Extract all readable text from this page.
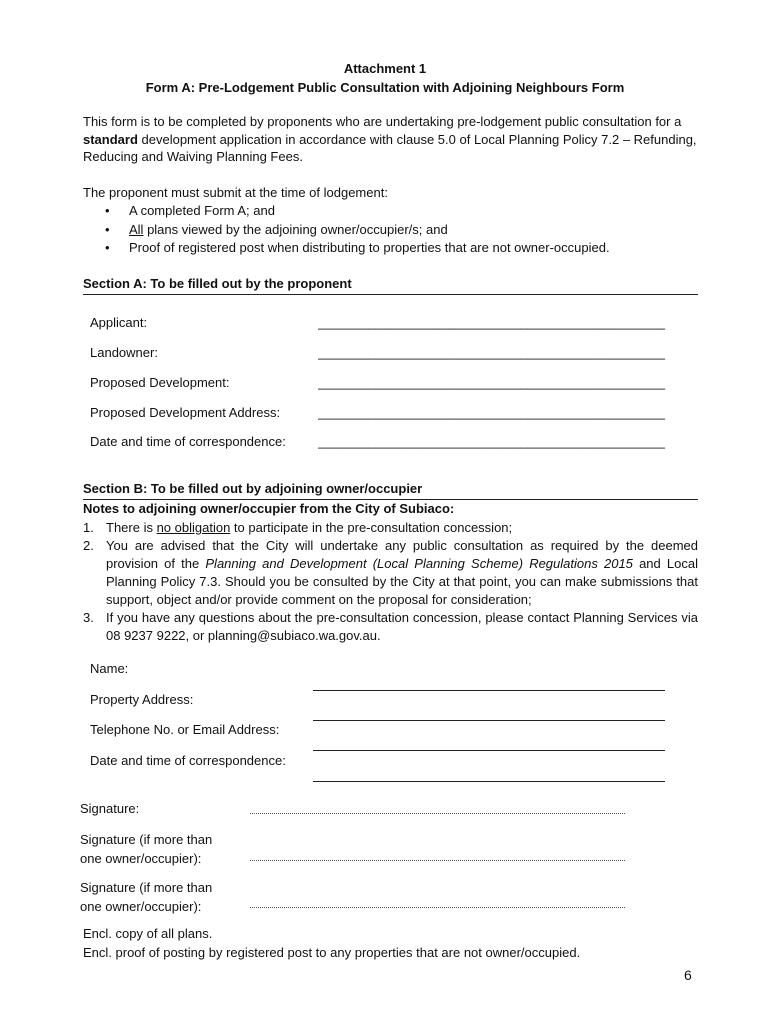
Attachment 1
Form A: Pre-Lodgement Public Consultation with Adjoining Neighbours Form
This form is to be completed by proponents who are undertaking pre-lodgement public consultation for a standard development application in accordance with clause 5.0 of Local Planning Policy 7.2 – Refunding, Reducing and Waiving Planning Fees.
The proponent must submit at the time of lodgement:
• A completed Form A; and
• All plans viewed by the adjoining owner/occupier/s; and
• Proof of registered post when distributing to properties that are not owner-occupied.
Section A: To be filled out by the proponent
Applicant:	________________________________________________
Landowner:	________________________________________________
Proposed Development:	________________________________________________
Proposed Development Address:	________________________________________________
Date and time of correspondence: ________________________________________________
Section B: To be filled out by adjoining owner/occupier
Notes to adjoining owner/occupier from the City of Subiaco:
1. There is no obligation to participate in the pre-consultation concession;
2. You are advised that the City will undertake any public consultation as required by the deemed provision of the Planning and Development (Local Planning Scheme) Regulations 2015 and Local Planning Policy 7.3. Should you be consulted by the City at that point, you can make submissions that support, object and/or provide comment on the proposal for consideration;
3. If you have any questions about the pre-consultation concession, please contact Planning Services via 08 9237 9222, or planning@subiaco.wa.gov.au.
Name:
Property Address:
Telephone No. or Email Address:
Date and time of correspondence:
Signature:
Signature (if more than
one owner/occupier):
Signature (if more than
one owner/occupier):
Encl. copy of all plans.
Encl. proof of posting by registered post to any properties that are not owner/occupied.
6
